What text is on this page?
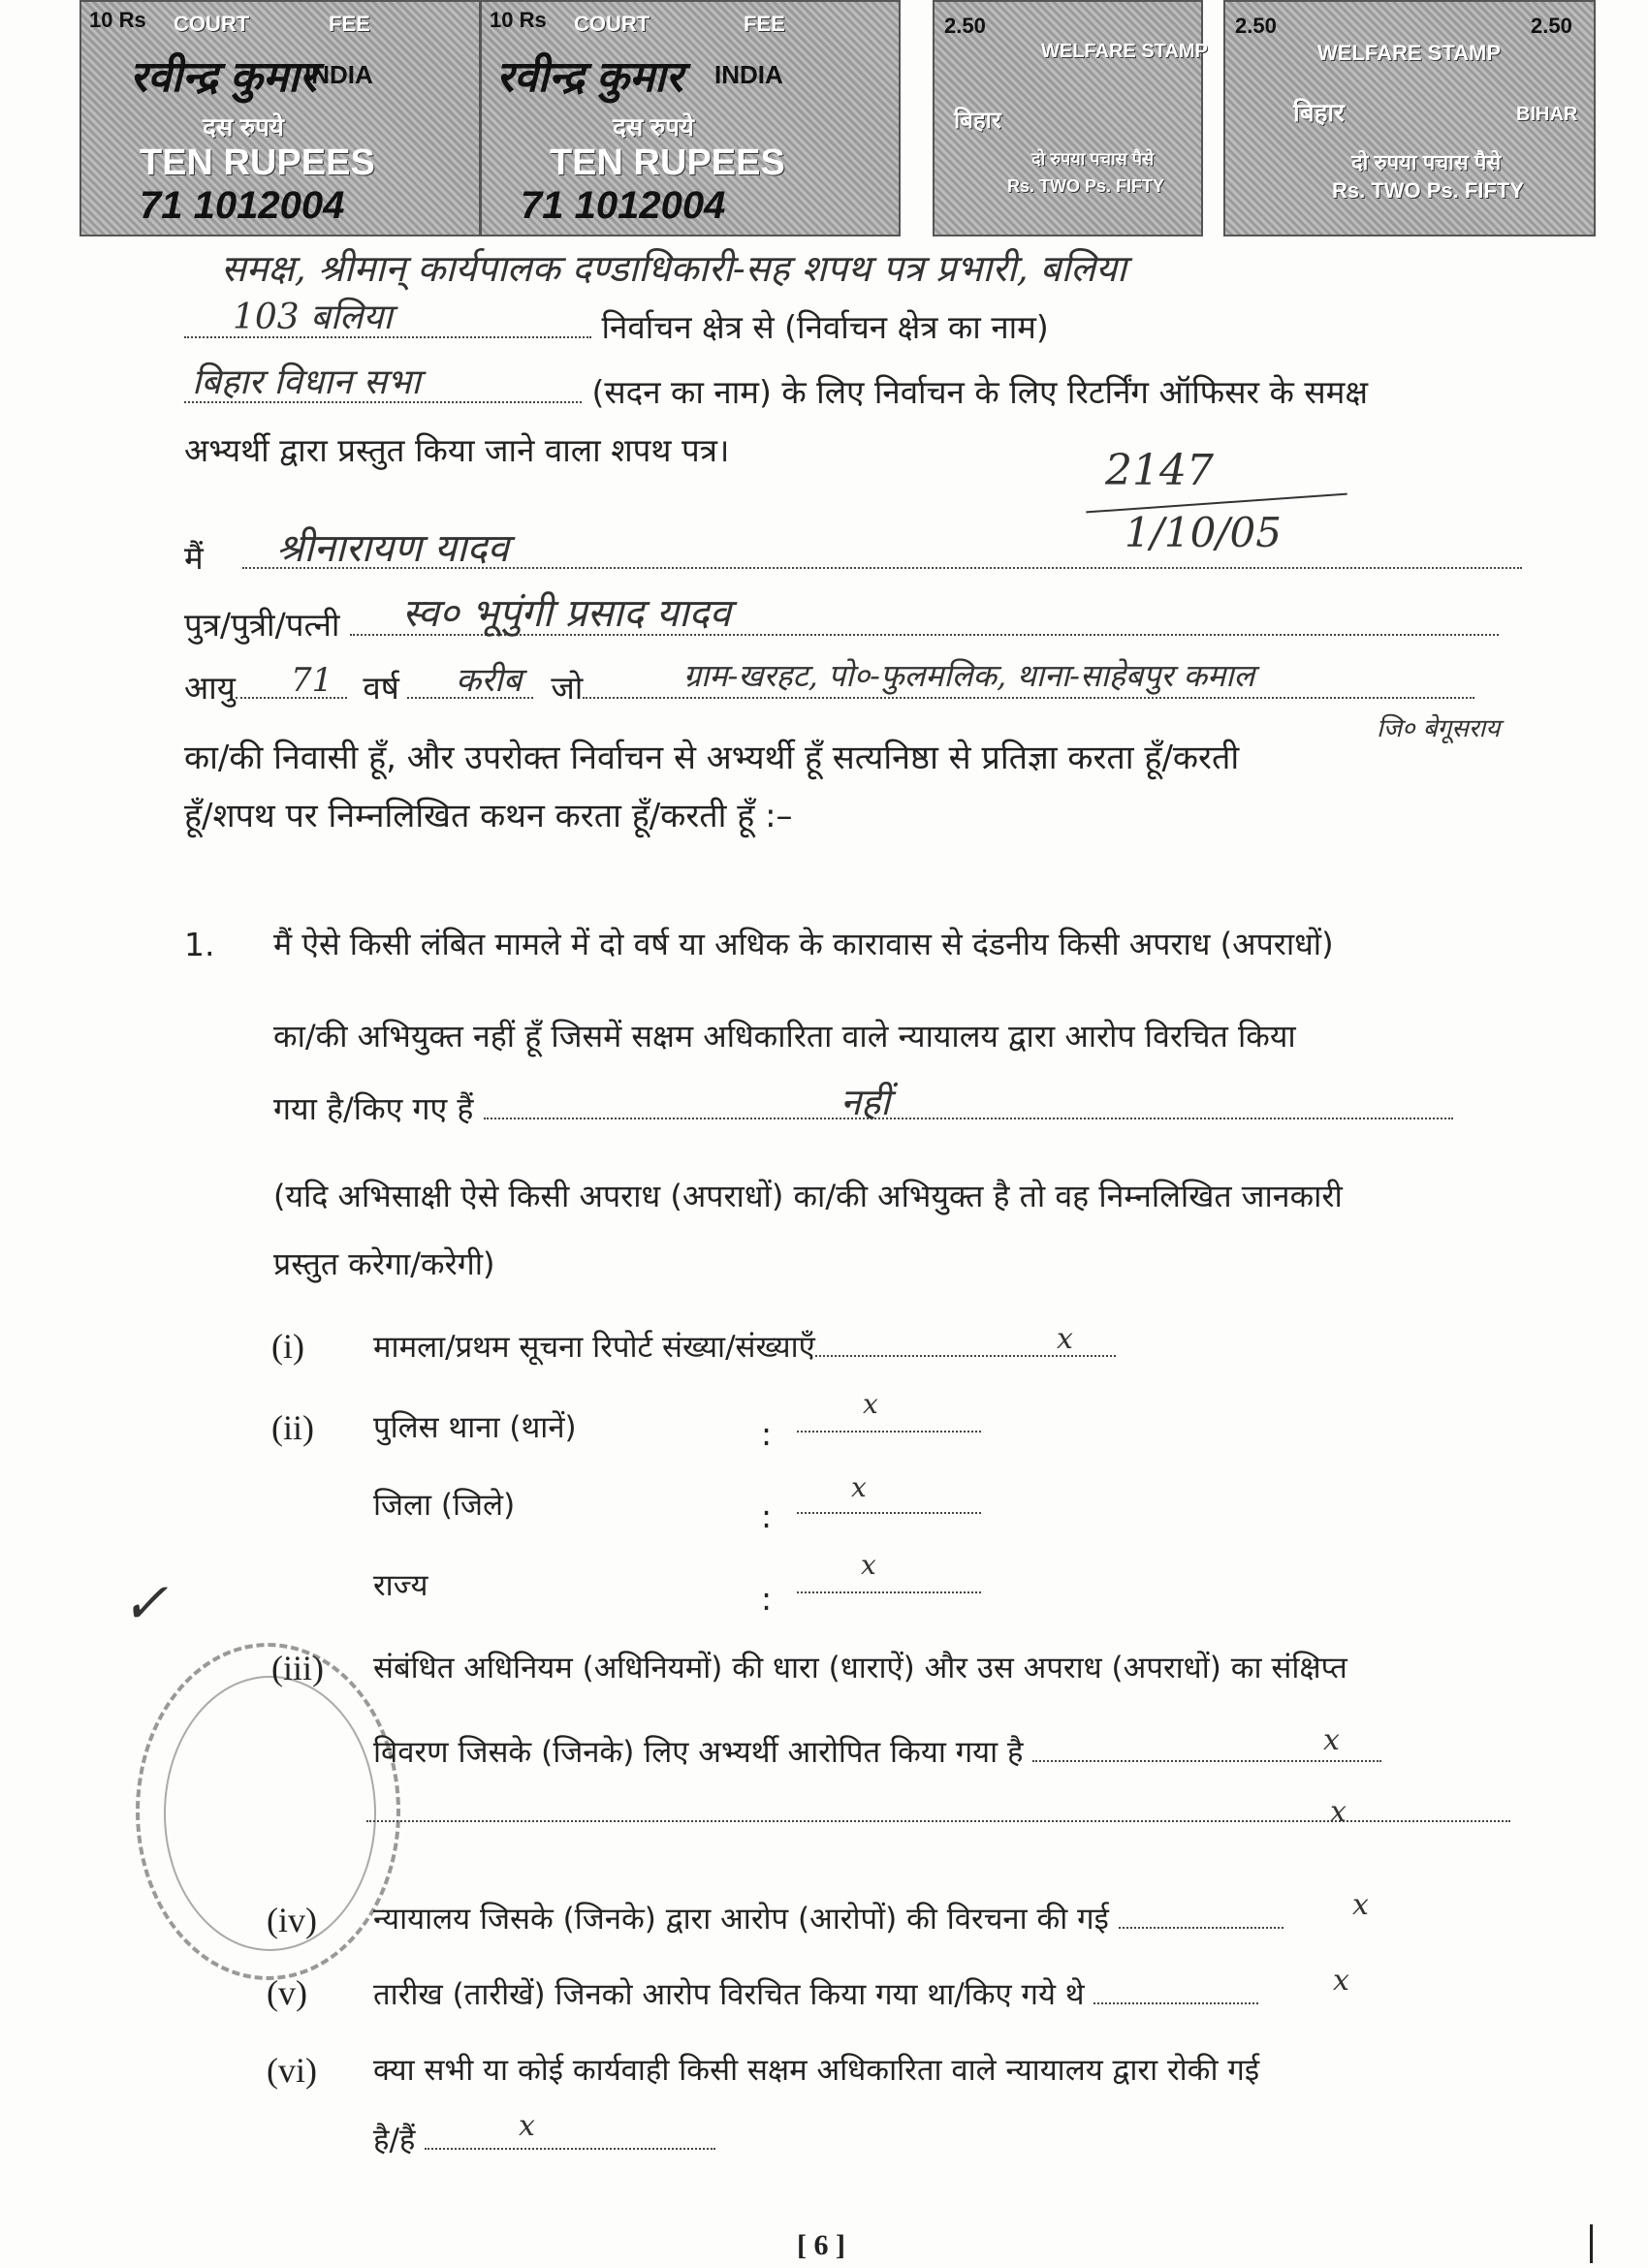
10 Rs COURT	FEE
INDIA
दस रुपये
TEN RUPEES
रवीन्द्र कुमार
71 1012004
10 Rs COURT	FEE
INDIA
दस रुपये
TEN RUPEES
रवीन्द्र कुमार
71 1012004
2.50
WELFARE STAMP
बिहार
दो रुपया पचास पैसे
Rs. TWO Ps. FIFTY
2.50	2.50
WELFARE STAMP
बिहार	BIHAR
दो रुपया पचास पैसे
Rs. TWO Ps. FIFTY
समक्ष, श्रीमान् कार्यपालक दण्डाधिकारी-सह शपथ पत्र प्रभारी, बलिया

103 बलिया	निर्वाचन क्षेत्र से (निर्वाचन क्षेत्र का नाम)

बिहार विधान सभा	(सदन का नाम) के लिए निर्वाचन के लिए रिटर्निंग ऑफिसर के समक्ष
अभ्यर्थी द्वारा प्रस्तुत किया जाने वाला शपथ पत्र।	2147
1/10/05
मैं श्रीनारायण यादव
पुत्र/पुत्री/पत्नी स्व० भूपुंगी प्रसाद यादव
आयु 71 वर्ष करीब जो	ग्राम-खरहट, पो०-फुलमलिक, थाना-साहेबपुर कमाल
जि० बेगूसराय
का/की निवासी हूँ, और उपरोक्त निर्वाचन से अभ्यर्थी हूँ सत्यनिष्ठा से प्रतिज्ञा करता हूँ/करती
हूँ/शपथ पर निम्नलिखित कथन करता हूँ/करती हूँ :–
1. मैं ऐसे किसी लंबित मामले में दो वर्ष या अधिक के कारावास से दंडनीय किसी अपराध (अपराधों)
का/की अभियुक्त नहीं हूँ जिसमें सक्षम अधिकारिता वाले न्यायालय द्वारा आरोप विरचित किया
गया है/किए गए हैं	नहीं
(यदि अभिसाक्षी ऐसे किसी अपराध (अपराधों) का/की अभियुक्त है तो वह निम्नलिखित जानकारी
प्रस्तुत करेगा/करेगी)
(i) मामला/प्रथम सूचना रिपोर्ट संख्या/संख्याएँ	x
(ii) पुलिस थाना (थानें)	:
x
जिला (जिले)	:
x
राज्य	:
x
✓
(iii) संबंधित अधिनियम (अधिनियमों) की धारा (धाराऐं) और उस अपराध (अपराधों) का संक्षिप्त
विवरण जिसके (जिनके) लिए अभ्यर्थी आरोपित किया गया है	x
x
(iv) न्यायालय जिसके (जिनके) द्वारा आरोप (आरोपों) की विरचना की गई	x
(v) तारीख (तारीखें) जिनको आरोप विरचित किया गया था/किए गये थे	x
(vi) क्या सभी या कोई कार्यवाही किसी सक्षम अधिकारिता वाले न्यायालय द्वारा रोकी गई
है/हैं	x
[ 6 ]
